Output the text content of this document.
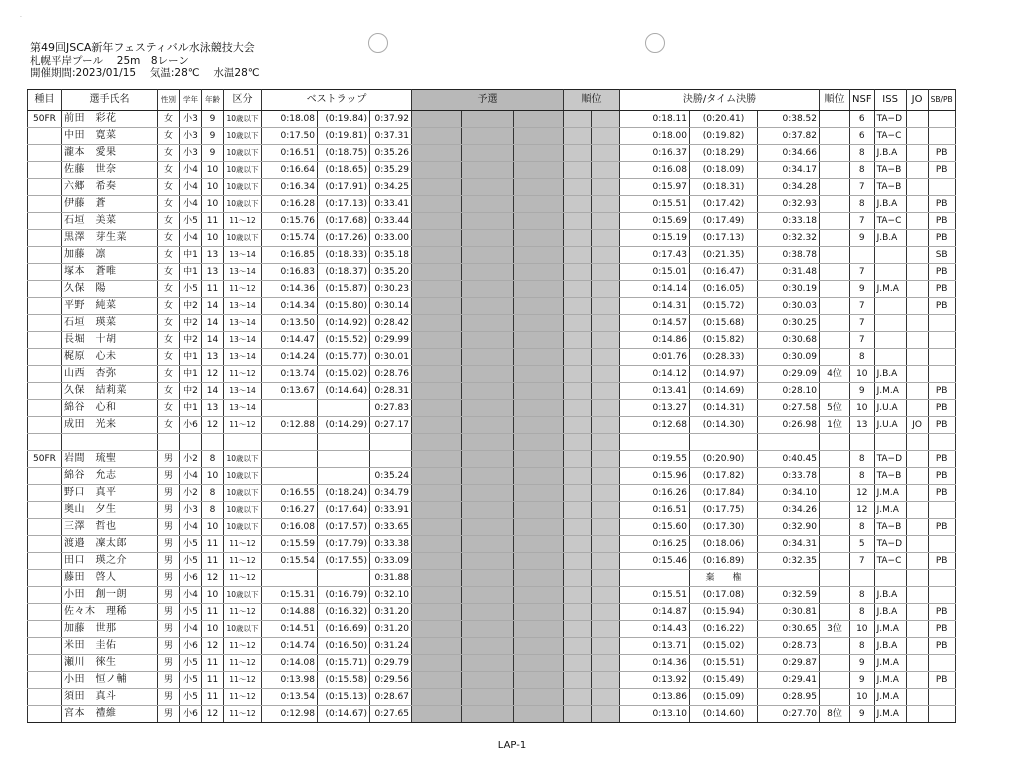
·
第49回JSCA新年フェスティバル水泳競技大会
札幌平岸プール　 25m　8レーン
開催期間:2023/01/15　 気温:28℃　 水温28℃
種目	選手氏名	性別	学年	年齢	区分	ベストラップ			予選			順位		決勝/タイム決勝			順位	NSF	ISS	JO	SB/PB
50FR	前田　彩花	女	小3	9	10歳以下	0:18.08	(0:19.84)	0:37.92						0:18.11	(0:20.41)	0:38.52		6	TA−D		
	中田　寛菜	女	小3	9	10歳以下	0:17.50	(0:19.81)	0:37.31						0:18.00	(0:19.82)	0:37.82		6	TA−C		
	瀧本　愛果	女	小3	9	10歳以下	0:16.51	(0:18.75)	0:35.26						0:16.37	(0:18.29)	0:34.66		8	J.B.A		PB
	佐藤　世奈	女	小4	10	10歳以下	0:16.64	(0:18.65)	0:35.29						0:16.08	(0:18.09)	0:34.17		8	TA−B		PB
	六郷　希奏	女	小4	10	10歳以下	0:16.34	(0:17.91)	0:34.25						0:15.97	(0:18.31)	0:34.28		7	TA−B		
	伊藤　蒼	女	小4	10	10歳以下	0:16.28	(0:17.13)	0:33.41						0:15.51	(0:17.42)	0:32.93		8	J.B.A		PB
	石垣　美菜	女	小5	11	11〜12	0:15.76	(0:17.68)	0:33.44						0:15.69	(0:17.49)	0:33.18		7	TA−C		PB
	黒澤　芽生菜	女	小4	10	10歳以下	0:15.74	(0:17.26)	0:33.00						0:15.19	(0:17.13)	0:32.32		9	J.B.A		PB
	加藤　凛	女	中1	13	13〜14	0:16.85	(0:18.33)	0:35.18						0:17.43	(0:21.35)	0:38.78					SB
	塚本　蒼唯	女	中1	13	13〜14	0:16.83	(0:18.37)	0:35.20						0:15.01	(0:16.47)	0:31.48		7			PB
	久保　陽	女	小5	11	11〜12	0:14.36	(0:15.87)	0:30.23						0:14.14	(0:16.05)	0:30.19		9	J.M.A		PB
	平野　純菜	女	中2	14	13〜14	0:14.34	(0:15.80)	0:30.14						0:14.31	(0:15.72)	0:30.03		7			PB
	石垣　瑛菜	女	中2	14	13〜14	0:13.50	(0:14.92)	0:28.42						0:14.57	(0:15.68)	0:30.25		7			
	長堀　十胡	女	中2	14	13〜14	0:14.47	(0:15.52)	0:29.99						0:14.86	(0:15.82)	0:30.68		7			
	梶原　心未	女	中1	13	13〜14	0:14.24	(0:15.77)	0:30.01						0:01.76	(0:28.33)	0:30.09		8			
	山西　杏弥	女	中1	12	11〜12	0:13.74	(0:15.02)	0:28.76						0:14.12	(0:14.97)	0:29.09	4位	10	J.B.A		
	久保　結莉菜	女	中2	14	13〜14	0:13.67	(0:14.64)	0:28.31						0:13.41	(0:14.69)	0:28.10		9	J.M.A		PB
	綿谷　心和	女	中1	13	13〜14			0:27.83						0:13.27	(0:14.31)	0:27.58	5位	10	J.U.A		PB
	成田　光来	女	小6	12	11〜12	0:12.88	(0:14.29)	0:27.17						0:12.68	(0:14.30)	0:26.98	1位	13	J.U.A	JO	PB

50FR	岩間　琉聖	男	小2	8	10歳以下									0:19.55	(0:20.90)	0:40.45		8	TA−D		PB
	綿谷　允志	男	小4	10	10歳以下			0:35.24						0:15.96	(0:17.82)	0:33.78		8	TA−B		PB
	野口　真平	男	小2	8	10歳以下	0:16.55	(0:18.24)	0:34.79						0:16.26	(0:17.84)	0:34.10		12	J.M.A		PB
	奥山　夕生	男	小3	8	10歳以下	0:16.27	(0:17.64)	0:33.91						0:16.51	(0:17.75)	0:34.26		12	J.M.A		
	三澤　哲也	男	小4	10	10歳以下	0:16.08	(0:17.57)	0:33.65						0:15.60	(0:17.30)	0:32.90		8	TA−B		PB
	渡邉　凜太郎	男	小5	11	11〜12	0:15.59	(0:17.79)	0:33.38						0:16.25	(0:18.06)	0:34.31		5	TA−D		
	田口　瑛之介	男	小5	11	11〜12	0:15.54	(0:17.55)	0:33.09						0:15.46	(0:16.89)	0:32.35		7	TA−C		PB
	藤田　啓人	男	小6	12	11〜12			0:31.88							棄　　権						
	小田　創一朗	男	小4	10	10歳以下	0:15.31	(0:16.79)	0:32.10						0:15.51	(0:17.08)	0:32.59		8	J.B.A		
	佐々木　理稀	男	小5	11	11〜12	0:14.88	(0:16.32)	0:31.20						0:14.87	(0:15.94)	0:30.81		8	J.B.A		PB
	加藤　世那	男	小4	10	10歳以下	0:14.51	(0:16.69)	0:31.20						0:14.43	(0:16.22)	0:30.65	3位	10	J.M.A		PB
	米田　圭佑	男	小6	12	11〜12	0:14.74	(0:16.50)	0:31.24						0:13.71	(0:15.02)	0:28.73		8	J.B.A		PB
	瀬川　徠生	男	小5	11	11〜12	0:14.08	(0:15.71)	0:29.79						0:14.36	(0:15.51)	0:29.87		9	J.M.A		
	小田　恒ノ輔	男	小5	11	11〜12	0:13.98	(0:15.58)	0:29.56						0:13.92	(0:15.49)	0:29.41		9	J.M.A		PB
	須田　真斗	男	小5	11	11〜12	0:13.54	(0:15.13)	0:28.67						0:13.86	(0:15.09)	0:28.95		10	J.M.A		
	宮本　禮維	男	小6	12	11〜12	0:12.98	(0:14.67)	0:27.65						0:13.10	(0:14.60)	0:27.70	8位	9	J.M.A		
LAP-1
